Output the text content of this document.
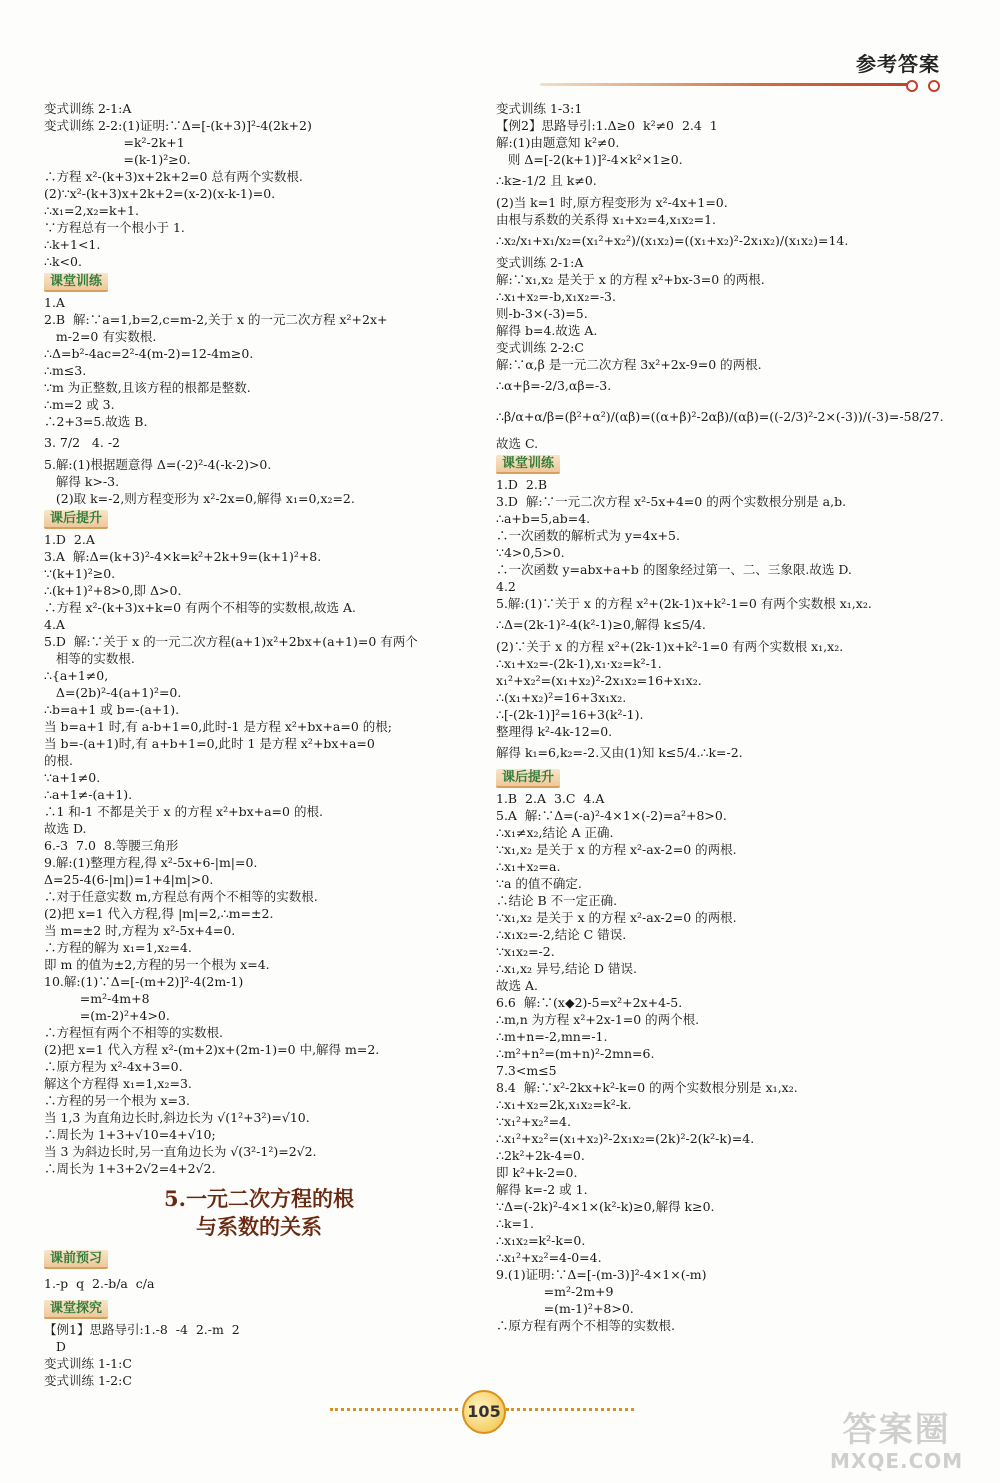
参考答案
变式训练 2-1:A
变式训练 2-2:(1)证明:∵Δ=[-(k+3)]²-4(2k+2)
=k²-2k+1
=(k-1)²≥0.
∴方程 x²-(k+3)x+2k+2=0 总有两个实数根.
(2)∵x²-(k+3)x+2k+2=(x-2)(x-k-1)=0.
∴x₁=2,x₂=k+1.
∵方程总有一个根小于 1.
∴k+1<1.
∴k<0.
课堂训练
1.A
2.B  解:∵a=1,b=2,c=m-2,关于 x 的一元二次方程 x²+2x+
m-2=0 有实数根.
∴Δ=b²-4ac=2²-4(m-2)=12-4m≥0.
∴m≤3.
∵m 为正整数,且该方程的根都是整数.
∴m=2 或 3.
∴2+3=5.故选 B.
3. 7/2   4. -2
5.解:(1)根据题意得 Δ=(-2)²-4(-k-2)>0.
解得 k>-3.
(2)取 k=-2,则方程变形为 x²-2x=0,解得 x₁=0,x₂=2.
课后提升
1.D  2.A
3.A  解:Δ=(k+3)²-4×k=k²+2k+9=(k+1)²+8.
∵(k+1)²≥0.
∴(k+1)²+8>0,即 Δ>0.
∴方程 x²-(k+3)x+k=0 有两个不相等的实数根,故选 A.
4.A
5.D  解:∵关于 x 的一元二次方程(a+1)x²+2bx+(a+1)=0 有两个
相等的实数根.
∴{a+1≠0,
Δ=(2b)²-4(a+1)²=0.
∴b=a+1 或 b=-(a+1).
当 b=a+1 时,有 a-b+1=0,此时-1 是方程 x²+bx+a=0 的根;
当 b=-(a+1)时,有 a+b+1=0,此时 1 是方程 x²+bx+a=0
的根.
∵a+1≠0.
∴a+1≠-(a+1).
∴1 和-1 不都是关于 x 的方程 x²+bx+a=0 的根.
故选 D.
6.-3  7.0  8.等腰三角形
9.解:(1)整理方程,得 x²-5x+6-|m|=0.
Δ=25-4(6-|m|)=1+4|m|>0.
∴对于任意实数 m,方程总有两个不相等的实数根.
(2)把 x=1 代入方程,得 |m|=2,∴m=±2.
当 m=±2 时,方程为 x²-5x+4=0.
∴方程的解为 x₁=1,x₂=4.
即 m 的值为±2,方程的另一个根为 x=4.
10.解:(1)∵Δ=[-(m+2)]²-4(2m-1)
=m²-4m+8
=(m-2)²+4>0.
∴方程恒有两个不相等的实数根.
(2)把 x=1 代入方程 x²-(m+2)x+(2m-1)=0 中,解得 m=2.
∴原方程为 x²-4x+3=0.
解这个方程得 x₁=1,x₂=3.
∴方程的另一个根为 x=3.
当 1,3 为直角边长时,斜边长为 √(1²+3²)=√10.
∴周长为 1+3+√10=4+√10;
当 3 为斜边长时,另一直角边长为 √(3²-1²)=2√2.
∴周长为 1+3+2√2=4+2√2.
5.一元二次方程的根
与系数的关系
课前预习
1.-p  q  2.-b/a  c/a
课堂探究
【例1】思路导引:1.-8  -4  2.-m  2
D
变式训练 1-1:C
变式训练 1-2:C
变式训练 1-3:1
【例2】思路导引:1.Δ≥0  k²≠0  2.4  1
解:(1)由题意知 k²≠0.
则 Δ=[-2(k+1)]²-4×k²×1≥0.
∴k≥-1/2 且 k≠0.
(2)当 k=1 时,原方程变形为 x²-4x+1=0.
由根与系数的关系得 x₁+x₂=4,x₁x₂=1.
∴x₂/x₁+x₁/x₂=(x₁²+x₂²)/(x₁x₂)=((x₁+x₂)²-2x₁x₂)/(x₁x₂)=14.
变式训练 2-1:A
解:∵x₁,x₂ 是关于 x 的方程 x²+bx-3=0 的两根.
∴x₁+x₂=-b,x₁x₂=-3.
则-b-3×(-3)=5.
解得 b=4.故选 A.
变式训练 2-2:C
解:∵α,β 是一元二次方程 3x²+2x-9=0 的两根.
∴α+β=-2/3,αβ=-3.
∴β/α+α/β=(β²+α²)/(αβ)=((α+β)²-2αβ)/(αβ)=((-2/3)²-2×(-3))/(-3)=-58/27.
故选 C.
课堂训练
1.D  2.B
3.D  解:∵一元二次方程 x²-5x+4=0 的两个实数根分别是 a,b.
∴a+b=5,ab=4.
∴一次函数的解析式为 y=4x+5.
∵4>0,5>0.
∴一次函数 y=abx+a+b 的图象经过第一、二、三象限.故选 D.
4.2
5.解:(1)∵关于 x 的方程 x²+(2k-1)x+k²-1=0 有两个实数根 x₁,x₂.
∴Δ=(2k-1)²-4(k²-1)≥0,解得 k≤5/4.
(2)∵关于 x 的方程 x²+(2k-1)x+k²-1=0 有两个实数根 x₁,x₂.
∴x₁+x₂=-(2k-1),x₁·x₂=k²-1.
x₁²+x₂²=(x₁+x₂)²-2x₁x₂=16+x₁x₂.
∴(x₁+x₂)²=16+3x₁x₂.
∴[-(2k-1)]²=16+3(k²-1).
整理得 k²-4k-12=0.
解得 k₁=6,k₂=-2.又由(1)知 k≤5/4.∴k=-2.
课后提升
1.B  2.A  3.C  4.A
5.A  解:∵Δ=(-a)²-4×1×(-2)=a²+8>0.
∴x₁≠x₂,结论 A 正确.
∵x₁,x₂ 是关于 x 的方程 x²-ax-2=0 的两根.
∴x₁+x₂=a.
∵a 的值不确定.
∴结论 B 不一定正确.
∵x₁,x₂ 是关于 x 的方程 x²-ax-2=0 的两根.
∴x₁x₂=-2,结论 C 错误.
∵x₁x₂=-2.
∴x₁,x₂ 异号,结论 D 错误.
故选 A.
6.6  解:∵(x◆2)-5=x²+2x+4-5.
∴m,n 为方程 x²+2x-1=0 的两个根.
∴m+n=-2,mn=-1.
∴m²+n²=(m+n)²-2mn=6.
7.3<m≤5
8.4  解:∵x²-2kx+k²-k=0 的两个实数根分别是 x₁,x₂.
∴x₁+x₂=2k,x₁x₂=k²-k.
∵x₁²+x₂²=4.
∴x₁²+x₂²=(x₁+x₂)²-2x₁x₂=(2k)²-2(k²-k)=4.
∴2k²+2k-4=0.
即 k²+k-2=0.
解得 k=-2 或 1.
∵Δ=(-2k)²-4×1×(k²-k)≥0,解得 k≥0.
∴k=1.
∴x₁x₂=k²-k=0.
∴x₁²+x₂²=4-0=4.
9.(1)证明:∵Δ=[-(m-3)]²-4×1×(-m)
=m²-2m+9
=(m-1)²+8>0.
∴原方程有两个不相等的实数根.
105	答案圈
MXQE.COM
